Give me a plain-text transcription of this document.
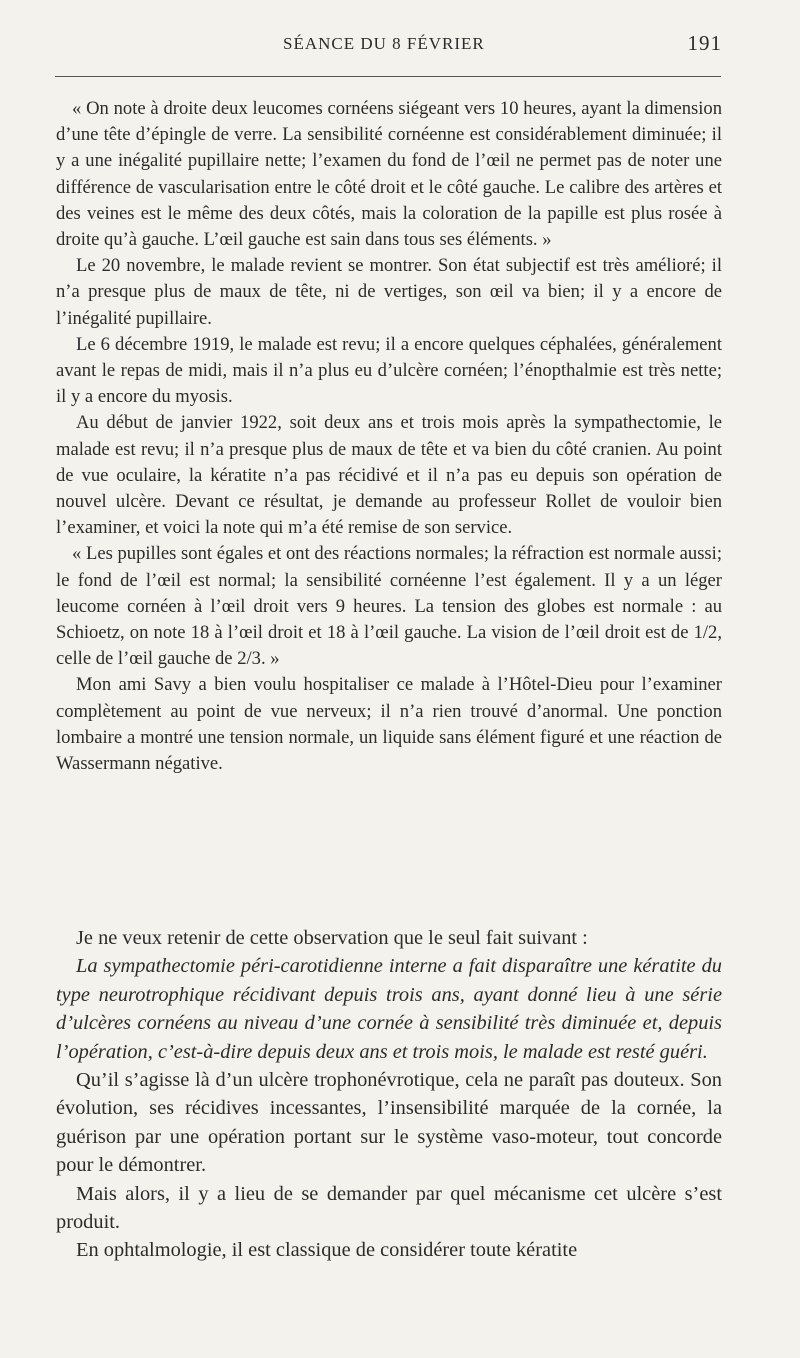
SÉANCE DU 8 FÉVRIER	191

« On note à droite deux leucomes cornéens siégeant vers 10 heures, ayant la dimension d’une tête d’épingle de verre. La sensibilité cornéenne est considérablement diminuée; il y a une inégalité pupillaire nette; l’examen du fond de l’œil ne permet pas de noter une différence de vascularisation entre le côté droit et le côté gauche. Le calibre des artères et des veines est le même des deux côtés, mais la coloration de la papille est plus rosée à droite qu’à gauche. L’œil gauche est sain dans tous ses éléments. »

Le 20 novembre, le malade revient se montrer. Son état subjectif est très amélioré; il n’a presque plus de maux de tête, ni de vertiges, son œil va bien; il y a encore de l’inégalité pupillaire.

Le 6 décembre 1919, le malade est revu; il a encore quelques céphalées, généralement avant le repas de midi, mais il n’a plus eu d’ulcère cornéen; l’énopthalmie est très nette; il y a encore du myosis.

Au début de janvier 1922, soit deux ans et trois mois après la sympathectomie, le malade est revu; il n’a presque plus de maux de tête et va bien du côté cranien. Au point de vue oculaire, la kératite n’a pas récidivé et il n’a pas eu depuis son opération de nouvel ulcère. Devant ce résultat, je demande au professeur Rollet de vouloir bien l’examiner, et voici la note qui m’a été remise de son service.

« Les pupilles sont égales et ont des réactions normales; la réfraction est normale aussi; le fond de l’œil est normal; la sensibilité cornéenne l’est également. Il y a un léger leucome cornéen à l’œil droit vers 9 heures. La tension des globes est normale : au Schioetz, on note 18 à l’œil droit et 18 à l’œil gauche. La vision de l’œil droit est de 1/2, celle de l’œil gauche de 2/3. »

Mon ami Savy a bien voulu hospitaliser ce malade à l’Hôtel-Dieu pour l’examiner complètement au point de vue nerveux; il n’a rien trouvé d’anormal. Une ponction lombaire a montré une tension normale, un liquide sans élément figuré et une réaction de Wassermann négative.

Je ne veux retenir de cette observation que le seul fait suivant :

La sympathectomie péri-carotidienne interne a fait disparaître une kératite du type neurotrophique récidivant depuis trois ans, ayant donné lieu à une série d’ulcères cornéens au niveau d’une cornée à sensibilité très diminuée et, depuis l’opération, c’est-à-dire depuis deux ans et trois mois, le malade est resté guéri.

Qu’il s’agisse là d’un ulcère trophonévrotique, cela ne paraît pas douteux. Son évolution, ses récidives incessantes, l’insensibilité marquée de la cornée, la guérison par une opération portant sur le système vaso-moteur, tout concorde pour le démontrer.

Mais alors, il y a lieu de se demander par quel mécanisme cet ulcère s’est produit.

En ophtalmologie, il est classique de considérer toute kératite
